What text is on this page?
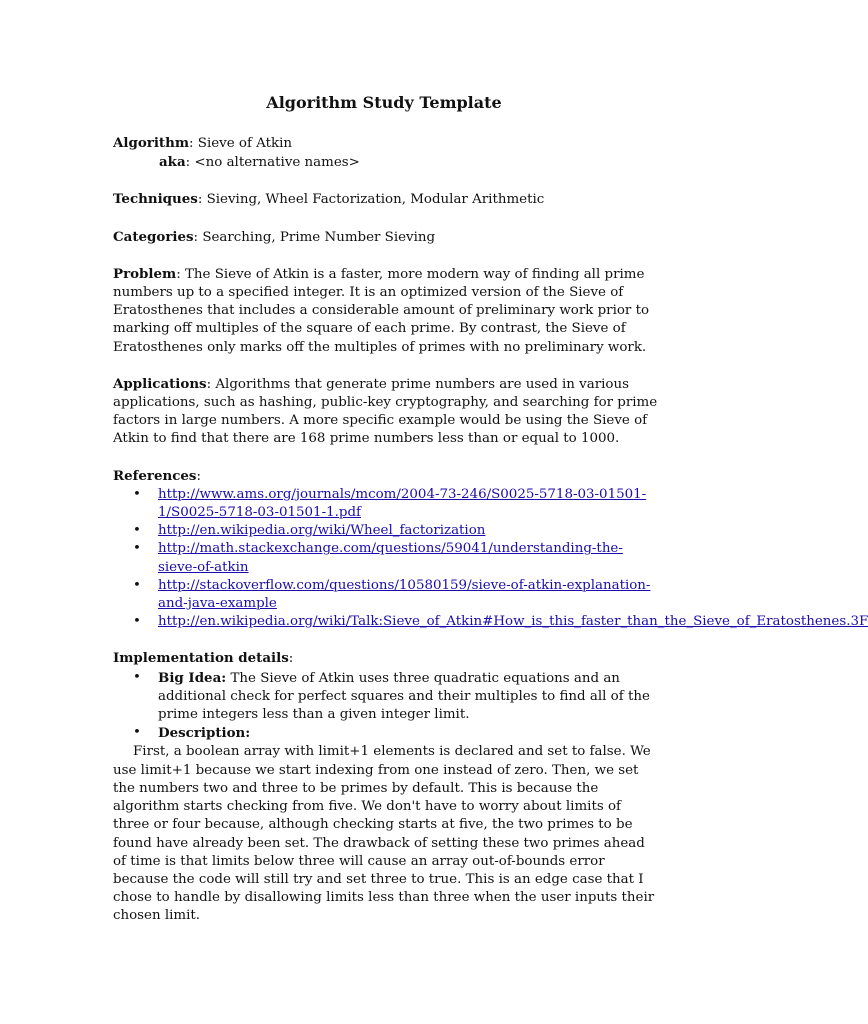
Algorithm Study Template
Algorithm: Sieve of Atkin
aka: <no alternative names>
Techniques: Sieving, Wheel Factorization, Modular Arithmetic
Categories: Searching, Prime Number Sieving
Problem: The Sieve of Atkin is a faster, more modern way of finding all prime numbers up to a specified integer. It is an optimized version of the Sieve of Eratosthenes that includes a considerable amount of preliminary work prior to marking off multiples of the square of each prime. By contrast, the Sieve of Eratosthenes only marks off the multiples of primes with no preliminary work.
Applications: Algorithms that generate prime numbers are used in various applications, such as hashing, public-key cryptography, and searching for prime factors in large numbers. A more specific example would be using the Sieve of Atkin to find that there are 168 prime numbers less than or equal to 1000.
References:
• http://www.ams.org/journals/mcom/2004-73-246/S0025-5718-03-01501-1/S0025-5718-03-01501-1.pdf
• http://en.wikipedia.org/wiki/Wheel_factorization
• http://math.stackexchange.com/questions/59041/understanding-the-sieve-of-atkin
• http://stackoverflow.com/questions/10580159/sieve-of-atkin-explanation-and-java-example
• http://en.wikipedia.org/wiki/Talk:Sieve_of_Atkin#How_is_this_faster_than_the_Sieve_of_Eratosthenes.3F
Implementation details:
• Big Idea: The Sieve of Atkin uses three quadratic equations and an additional check for perfect squares and their multiples to find all of the prime integers less than a given integer limit.
• Description:
First, a boolean array with limit+1 elements is declared and set to false. We use limit+1 because we start indexing from one instead of zero. Then, we set the numbers two and three to be primes by default. This is because the algorithm starts checking from five. We don't have to worry about limits of three or four because, although checking starts at five, the two primes to be found have already been set. The drawback of setting these two primes ahead of time is that limits below three will cause an array out-of-bounds error because the code will still try and set three to true. This is an edge case that I chose to handle by disallowing limits less than three when the user inputs their chosen limit.
